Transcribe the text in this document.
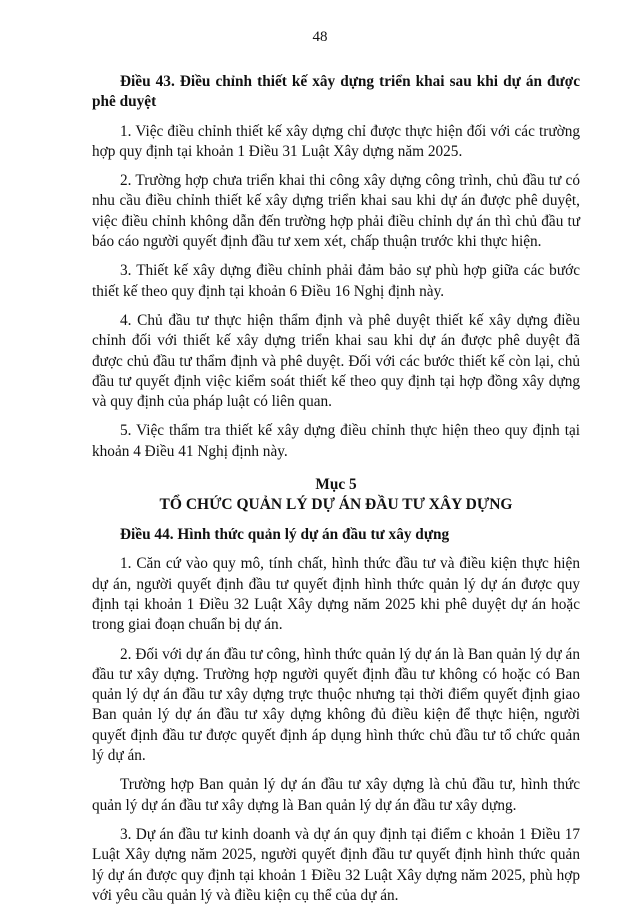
48
Điều 43. Điều chỉnh thiết kế xây dựng triển khai sau khi dự án được phê duyệt
1. Việc điều chỉnh thiết kế xây dựng chỉ được thực hiện đối với các trường hợp quy định tại khoản 1 Điều 31 Luật Xây dựng năm 2025.
2. Trường hợp chưa triển khai thi công xây dựng công trình, chủ đầu tư có nhu cầu điều chỉnh thiết kế xây dựng triển khai sau khi dự án được phê duyệt, việc điều chỉnh không dẫn đến trường hợp phải điều chỉnh dự án thì chủ đầu tư báo cáo người quyết định đầu tư xem xét, chấp thuận trước khi thực hiện.
3. Thiết kế xây dựng điều chỉnh phải đảm bảo sự phù hợp giữa các bước thiết kế theo quy định tại khoản 6 Điều 16 Nghị định này.
4. Chủ đầu tư thực hiện thẩm định và phê duyệt thiết kế xây dựng điều chỉnh đối với thiết kế xây dựng triển khai sau khi dự án được phê duyệt đã được chủ đầu tư thẩm định và phê duyệt. Đối với các bước thiết kế còn lại, chủ đầu tư quyết định việc kiểm soát thiết kế theo quy định tại hợp đồng xây dựng và quy định của pháp luật có liên quan.
5. Việc thẩm tra thiết kế xây dựng điều chỉnh thực hiện theo quy định tại khoản 4 Điều 41 Nghị định này.
Mục 5
TỔ CHỨC QUẢN LÝ DỰ ÁN ĐẦU TƯ XÂY DỰNG
Điều 44. Hình thức quản lý dự án đầu tư xây dựng
1. Căn cứ vào quy mô, tính chất, hình thức đầu tư và điều kiện thực hiện dự án, người quyết định đầu tư quyết định hình thức quản lý dự án được quy định tại khoản 1 Điều 32 Luật Xây dựng năm 2025 khi phê duyệt dự án hoặc trong giai đoạn chuẩn bị dự án.
2. Đối với dự án đầu tư công, hình thức quản lý dự án là Ban quản lý dự án đầu tư xây dựng. Trường hợp người quyết định đầu tư không có hoặc có Ban quản lý dự án đầu tư xây dựng trực thuộc nhưng tại thời điểm quyết định giao Ban quản lý dự án đầu tư xây dựng không đủ điều kiện để thực hiện, người quyết định đầu tư được quyết định áp dụng hình thức chủ đầu tư tổ chức quản lý dự án.
Trường hợp Ban quản lý dự án đầu tư xây dựng là chủ đầu tư, hình thức quản lý dự án đầu tư xây dựng là Ban quản lý dự án đầu tư xây dựng.
3. Dự án đầu tư kinh doanh và dự án quy định tại điểm c khoản 1 Điều 17 Luật Xây dựng năm 2025, người quyết định đầu tư quyết định hình thức quản lý dự án được quy định tại khoản 1 Điều 32 Luật Xây dựng năm 2025, phù hợp với yêu cầu quản lý và điều kiện cụ thể của dự án.
